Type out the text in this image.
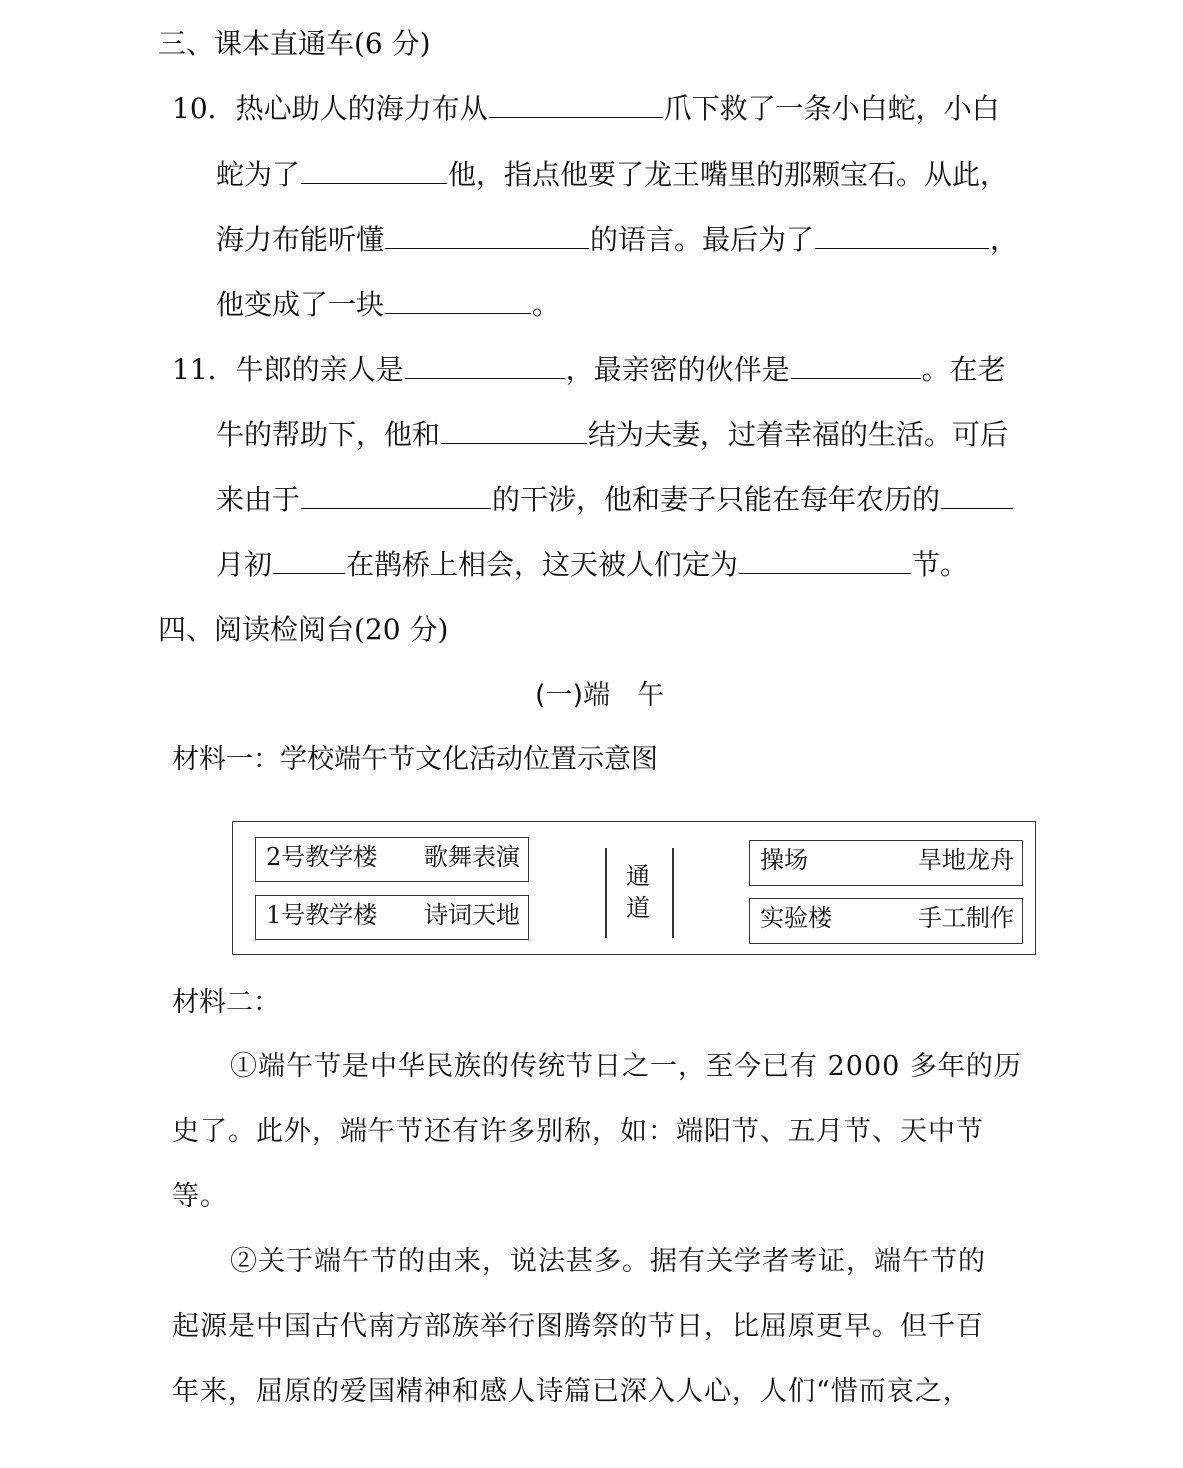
三、课本直通车(6 分)
10．热心助人的海力布从	爪下救了一条小白蛇，小白
蛇为了	他，指点他要了龙王嘴里的那颗宝石。从此，
海力布能听懂	的语言。最后为了	，
他变成了一块	。
11．牛郎的亲人是	，最亲密的伙伴是	。在老
牛的帮助下，他和	结为夫妻，过着幸福的生活。可后
来由于	的干涉，他和妻子只能在每年农历的
月初	在鹊桥上相会，这天被人们定为	节。
四、阅读检阅台(20 分)
(一)端　午
材料一：学校端午节文化活动位置示意图
2号教学楼 歌舞表演
1号教学楼 诗词天地
通
道
操场	旱地龙舟
实验楼	手工制作
材料二：
①端午节是中华民族的传统节日之一，至今已有 2000 多年的历
史了。此外，端午节还有许多别称，如：端阳节、五月节、天中节
等。
②关于端午节的由来，说法甚多。据有关学者考证，端午节的
起源是中国古代南方部族举行图腾祭的节日，比屈原更早。但千百
年来，屈原的爱国精神和感人诗篇已深入人心，人们“惜而哀之，
